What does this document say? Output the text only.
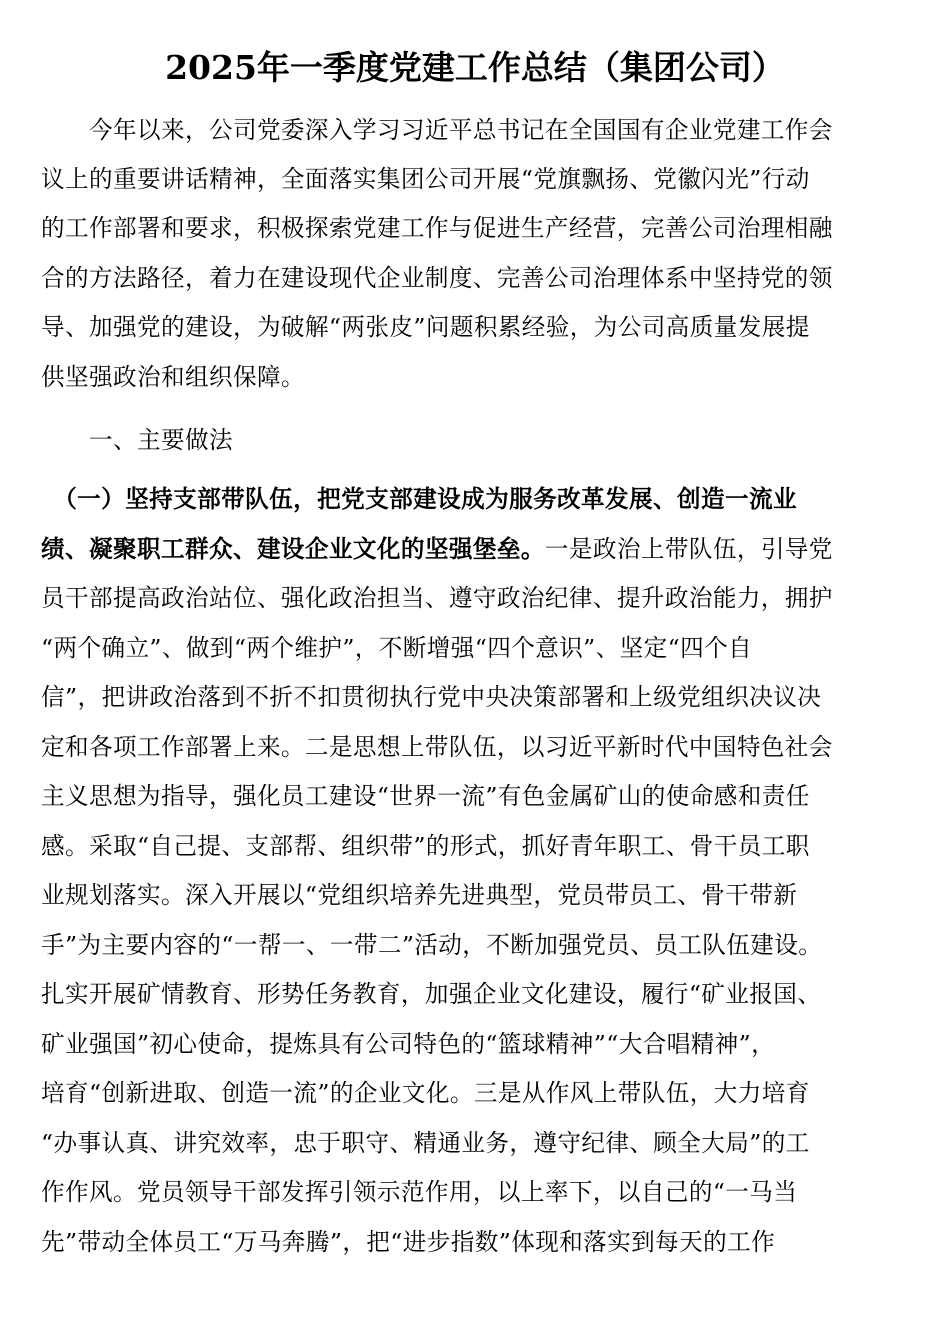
2025年一季度党建工作总结（集团公司）
　　今年以来，公司党委深入学习习近平总书记在全国国有企业党建工作会
议上的重要讲话精神，全面落实集团公司开展“党旗飘扬、党徽闪光”行动
的工作部署和要求，积极探索党建工作与促进生产经营，完善公司治理相融
合的方法路径，着力在建设现代企业制度、完善公司治理体系中坚持党的领
导、加强党的建设，为破解“两张皮”问题积累经验，为公司高质量发展提
供坚强政治和组织保障。
　　一、主要做法
　（一）坚持支部带队伍，把党支部建设成为服务改革发展、创造一流业
绩、凝聚职工群众、建设企业文化的坚强堡垒。一是政治上带队伍，引导党
员干部提高政治站位、强化政治担当、遵守政治纪律、提升政治能力，拥护
“两个确立”、做到“两个维护”，不断增强“四个意识”、坚定“四个自
信”，把讲政治落到不折不扣贯彻执行党中央决策部署和上级党组织决议决
定和各项工作部署上来。二是思想上带队伍，以习近平新时代中国特色社会
主义思想为指导，强化员工建设“世界一流”有色金属矿山的使命感和责任
感。采取“自己提、支部帮、组织带”的形式，抓好青年职工、骨干员工职
业规划落实。深入开展以“党组织培养先进典型，党员带员工、骨干带新
手”为主要内容的“一帮一、一带二”活动，不断加强党员、员工队伍建设。
扎实开展矿情教育、形势任务教育，加强企业文化建设，履行“矿业报国、
矿业强国”初心使命，提炼具有公司特色的“篮球精神”“大合唱精神”，
培育“创新进取、创造一流”的企业文化。三是从作风上带队伍，大力培育
“办事认真、讲究效率，忠于职守、精通业务，遵守纪律、顾全大局”的工
作作风。党员领导干部发挥引领示范作用，以上率下，以自己的“一马当
先”带动全体员工“万马奔腾”，把“进步指数”体现和落实到每天的工作
